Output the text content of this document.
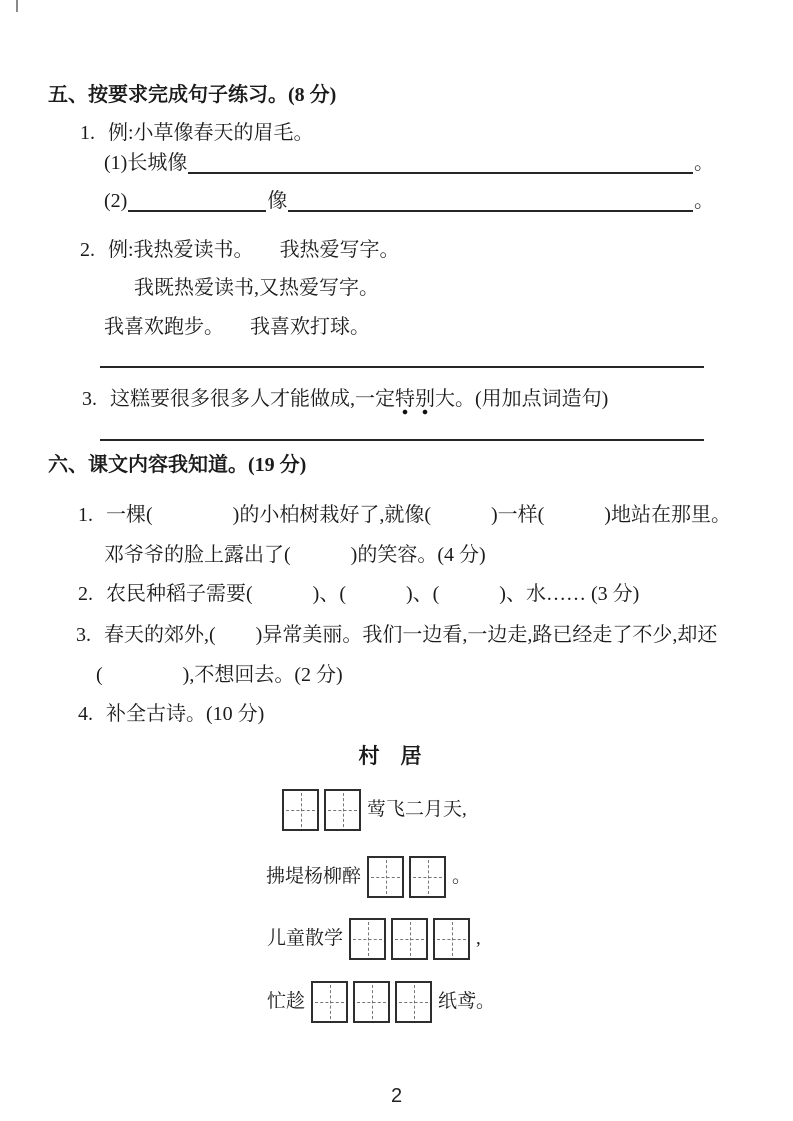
五、按要求完成句子练习。(8 分)
1. 例:小草像春天的眉毛。
(1)长城像	。
(2)	像	。
2. 例:我热爱读书。 我热爱写字。
我既热爱读书,又热爱写字。
我喜欢跑步。 我喜欢打球。
3. 这糕要很多很多人才能做成,一定特别大。(用加点词造句)
六、课文内容我知道。(19 分)
1. 一棵(　　　　)的小柏树栽好了,就像(　　　)一样(　　　)地站在那里。
邓爷爷的脸上露出了(　　　)的笑容。(4 分)
2. 农民种稻子需要(　　　)、(　　　)、(　　　)、水…… (3 分)
3. 春天的郊外,(　　)异常美丽。我们一边看,一边走,路已经走了不少,却还
(　　　　),不想回去。(2 分)
4. 补全古诗。(10 分)
村　居
莺飞二月天,
拂堤杨柳醉	。
儿童散学	,
忙趁	纸鸢。
2
